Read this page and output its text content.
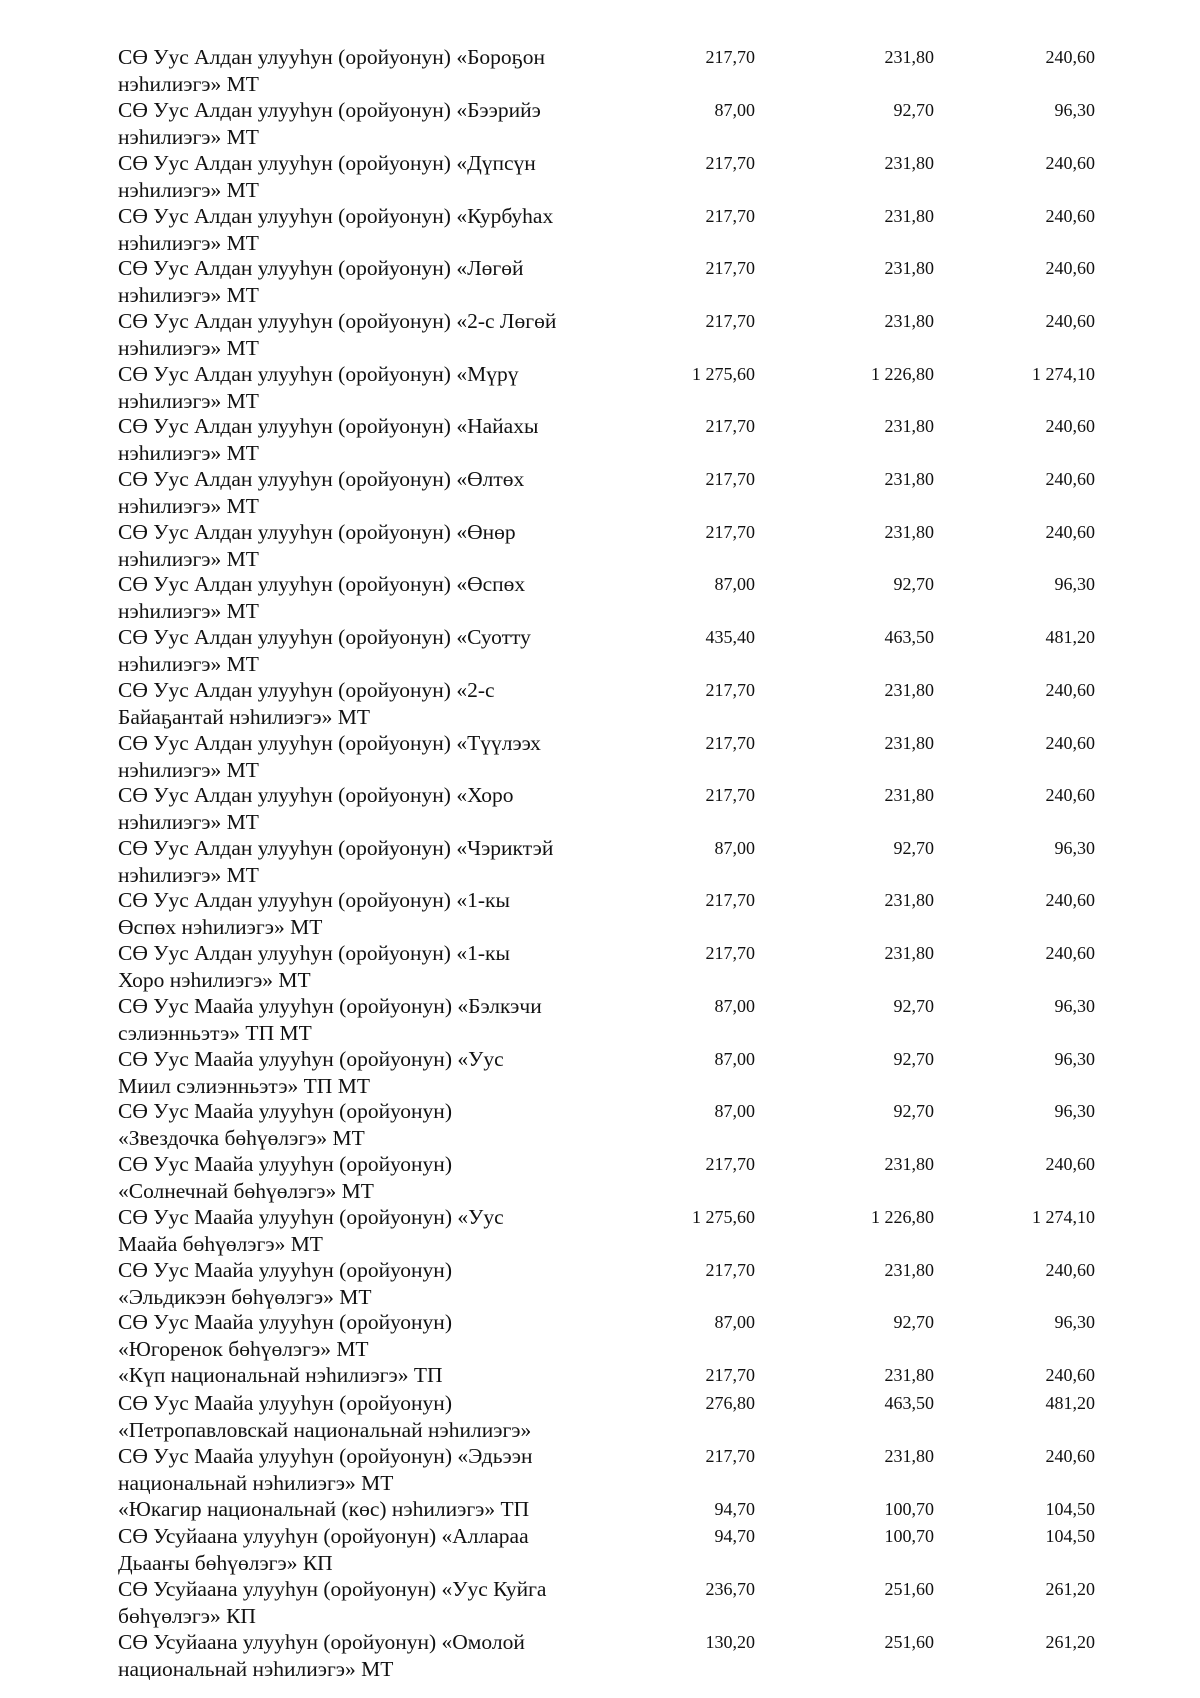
СӨ Уус Алдан улууһун (оройуонун) «Бороҕон
нэһилиэгэ» МТ
217,70	231,80	240,60
СӨ Уус Алдан улууһун (оройуонун) «Бээрийэ
нэһилиэгэ» МТ
87,00	92,70	96,30
СӨ Уус Алдан улууһун (оройуонун) «Дүпсүн
нэһилиэгэ» МТ
217,70	231,80	240,60
СӨ Уус Алдан улууһун (оройуонун) «Курбуһах
нэһилиэгэ» МТ
217,70	231,80	240,60
СӨ Уус Алдан улууһун (оройуонун) «Лөгөй
нэһилиэгэ» МТ
217,70	231,80	240,60
СӨ Уус Алдан улууһун (оройуонун) «2-с Лөгөй
нэһилиэгэ» МТ
217,70	231,80	240,60
СӨ Уус Алдан улууһун (оройуонун) «Мүрү
нэһилиэгэ» МТ
1 275,60	1 226,80	1 274,10
СӨ Уус Алдан улууһун (оройуонун) «Найахы
нэһилиэгэ» МТ
217,70	231,80	240,60
СӨ Уус Алдан улууһун (оройуонун) «Өлтөх
нэһилиэгэ» МТ
217,70	231,80	240,60
СӨ Уус Алдан улууһун (оройуонун) «Өнөр
нэһилиэгэ» МТ
217,70	231,80	240,60
СӨ Уус Алдан улууһун (оройуонун) «Өспөх
нэһилиэгэ» МТ
87,00	92,70	96,30
СӨ Уус Алдан улууһун (оройуонун) «Суотту
нэһилиэгэ» МТ
435,40	463,50	481,20
СӨ Уус Алдан улууһун (оройуонун) «2-с
Байаҕантай нэһилиэгэ» МТ
217,70	231,80	240,60
СӨ Уус Алдан улууһун (оройуонун) «Түүлээх
нэһилиэгэ» МТ
217,70	231,80	240,60
СӨ Уус Алдан улууһун (оройуонун) «Хоро
нэһилиэгэ» МТ
217,70	231,80	240,60
СӨ Уус Алдан улууһун (оройуонун) «Чэриктэй
нэһилиэгэ» МТ
87,00	92,70	96,30
СӨ Уус Алдан улууһун (оройуонун) «1-кы
Өспөх нэһилиэгэ» МТ
217,70	231,80	240,60
СӨ Уус Алдан улууһун (оройуонун) «1-кы
Хоро нэһилиэгэ» МТ
217,70	231,80	240,60
СӨ Уус Маайа улууһун (оройуонун) «Бэлкэчи
сэлиэнньэтэ» ТП МТ
87,00	92,70	96,30
СӨ Уус Маайа улууһун (оройуонун) «Уус
Миил сэлиэнньэтэ» ТП МТ
87,00	92,70	96,30
СӨ Уус Маайа улууһун (оройуонун)
«Звездочка бөһүөлэгэ» МТ
87,00	92,70	96,30
СӨ Уус Маайа улууһун (оройуонун)
«Солнечнай бөһүөлэгэ» МТ
217,70	231,80	240,60
СӨ Уус Маайа улууһун (оройуонун) «Уус
Маайа бөһүөлэгэ» МТ
1 275,60	1 226,80	1 274,10
СӨ Уус Маайа улууһун (оройуонун)
«Эльдикээн бөһүөлэгэ» МТ
217,70	231,80	240,60
СӨ Уус Маайа улууһун (оройуонун)
«Югоренок бөһүөлэгэ» МТ
87,00	92,70	96,30
«Күп национальнай нэһилиэгэ» ТП	217,70	231,80	240,60
СӨ Уус Маайа улууһун (оройуонун)
«Петропавловскай национальнай нэһилиэгэ»
276,80	463,50	481,20
СӨ Уус Маайа улууһун (оройуонун) «Эдьээн
национальнай нэһилиэгэ» МТ
217,70	231,80	240,60
«Юкагир национальнай (көс) нэһилиэгэ» ТП	94,70	100,70	104,50
СӨ Усуйаана улууһун (оройуонун) «Аллараа
Дьааҥы бөһүөлэгэ» КП
94,70	100,70	104,50
СӨ Усуйаана улууһун (оройуонун) «Уус Куйга
бөһүөлэгэ» КП
236,70	251,60	261,20
СӨ Усуйаана улууһун (оройуонун) «Омолой
национальнай нэһилиэгэ» МТ
130,20	251,60	261,20
